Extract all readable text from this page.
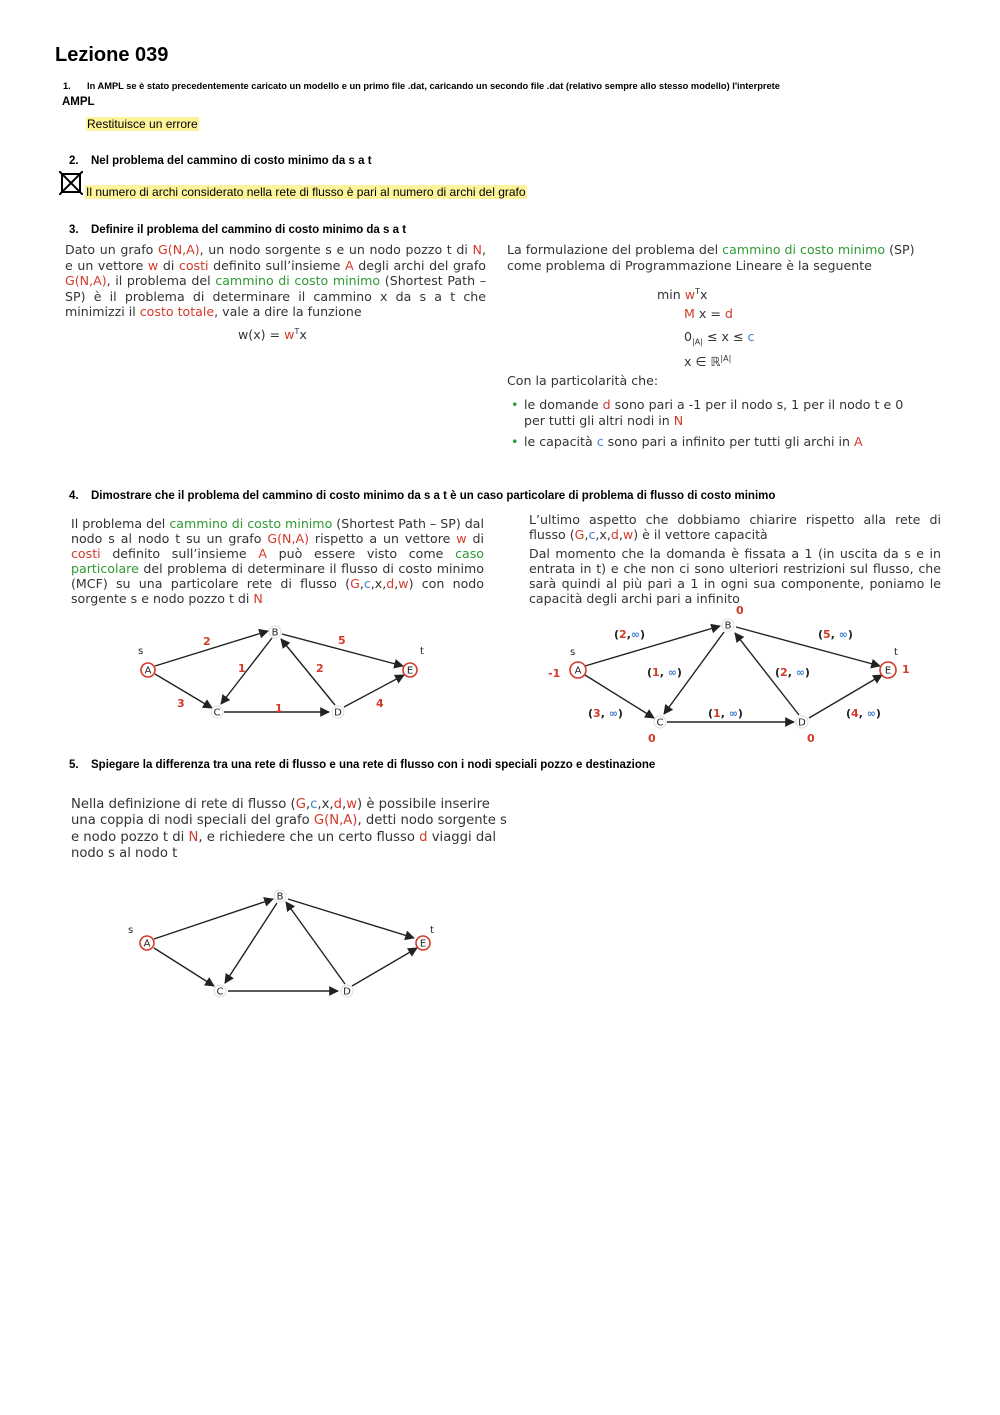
Lezione 039
1. In AMPL se è stato precedentemente caricato un modello e un primo file .dat, caricando un secondo file .dat (relativo sempre allo stesso modello) l'interprete
AMPL
Restituisce un errore
2. Nel problema del cammino di costo minimo da s a t
Il numero di archi considerato nella rete di flusso è pari al numero di archi del grafo
3. Definire il problema del cammino di costo minimo da s a t
Dato un grafo G(N,A), un nodo sorgente s e un nodo pozzo t di N, e un vettore w di costi definito sull’insieme A degli archi del grafo G(N,A), il problema del cammino di costo minimo (Shortest Path – SP) è il problema di determinare il cammino x da s a t che minimizzi il costo totale, vale a dire la funzione
$w(x) = w^Tx$
La formulazione del problema del cammino di costo minimo (SP) come problema di Programmazione Lineare è la seguente
$\min w^Tx$
M x = d
$0_{|A|} \le x \le c$
x ∈ ℝ$^{|A|}$
Con la particolarità che:
• le domande d sono pari a -1 per il nodo s, 1 per il nodo t e 0 per tutti gli altri nodi in N
• le capacità c sono pari a infinito per tutti gli archi in A
4. Dimostrare che il problema del cammino di costo minimo da s a t è un caso particolare di problema di flusso di costo minimo
Il problema del cammino di costo minimo (Shortest Path – SP) dal nodo s al nodo t su un grafo G(N,A) rispetto a un vettore w di costi definito sull’insieme A può essere visto come caso particolare del problema di determinare il flusso di costo minimo (MCF) su una particolare rete di flusso (G,c,x,d,w) con nodo sorgente s e nodo pozzo t di N
L’ultimo aspetto che dobbiamo chiarire rispetto alla rete di flusso (G,c,x,d,w) è il vettore capacità
Dal momento che la domanda è fissata a 1 (in uscita da s e in entrata in t) e che non ci sono ulteriori restrizioni sul flusso, che sarà quindi al più pari a 1 in ogni sua componente, poniamo le capacità degli archi pari a infinito
A
B
C	D
E
s	t
2
3
1
1
2
5
4
A
B
C	D
E
s	t
-1
0
0	0
1
(2,∞)
(3, ∞)
(1, ∞)
(1, ∞)
(2, ∞)
(5, ∞)
(4, ∞)
5. Spiegare la differenza tra una rete di flusso e una rete di flusso con i nodi speciali pozzo e destinazione
Nella definizione di rete di flusso (G,c,x,d,w) è possibile inserire una coppia di nodi speciali del grafo G(N,A), detti nodo sorgente s e nodo pozzo t di N, e richiedere che un certo flusso d viaggi dal nodo s al nodo t
A
B
C	D
E
s	t
